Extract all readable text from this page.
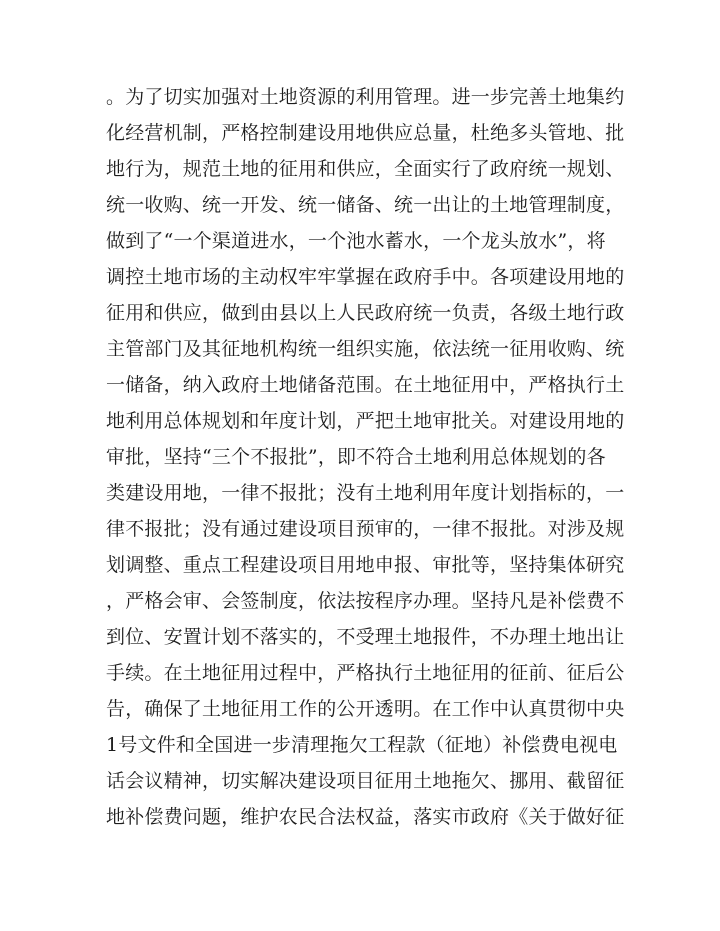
。为了切实加强对土地资源的利用管理。进一步完善土地集约
化经营机制，严格控制建设用地供应总量，杜绝多头管地、批
地行为，规范土地的征用和供应，全面实行了政府统一规划、
统一收购、统一开发、统一储备、统一出让的土地管理制度，
做到了“一个渠道进水，一个池水蓄水，一个龙头放水”，将
调控土地市场的主动权牢牢掌握在政府手中。各项建设用地的
征用和供应，做到由县以上人民政府统一负责，各级土地行政
主管部门及其征地机构统一组织实施，依法统一征用收购、统
一储备，纳入政府土地储备范围。在土地征用中，严格执行土
地利用总体规划和年度计划，严把土地审批关。对建设用地的
审批，坚持“三个不报批”，即不符合土地利用总体规划的各
类建设用地，一律不报批；没有土地利用年度计划指标的，一
律不报批；没有通过建设项目预审的，一律不报批。对涉及规
划调整、重点工程建设项目用地申报、审批等，坚持集体研究
，严格会审、会签制度，依法按程序办理。坚持凡是补偿费不
到位、安置计划不落实的，不受理土地报件，不办理土地出让
手续。在土地征用过程中，严格执行土地征用的征前、征后公
告，确保了土地征用工作的公开透明。在工作中认真贯彻中央
1号文件和全国进一步清理拖欠工程款（征地）补偿费电视电
话会议精神，切实解决建设项目征用土地拖欠、挪用、截留征
地补偿费问题，维护农民合法权益，落实市政府《关于做好征
